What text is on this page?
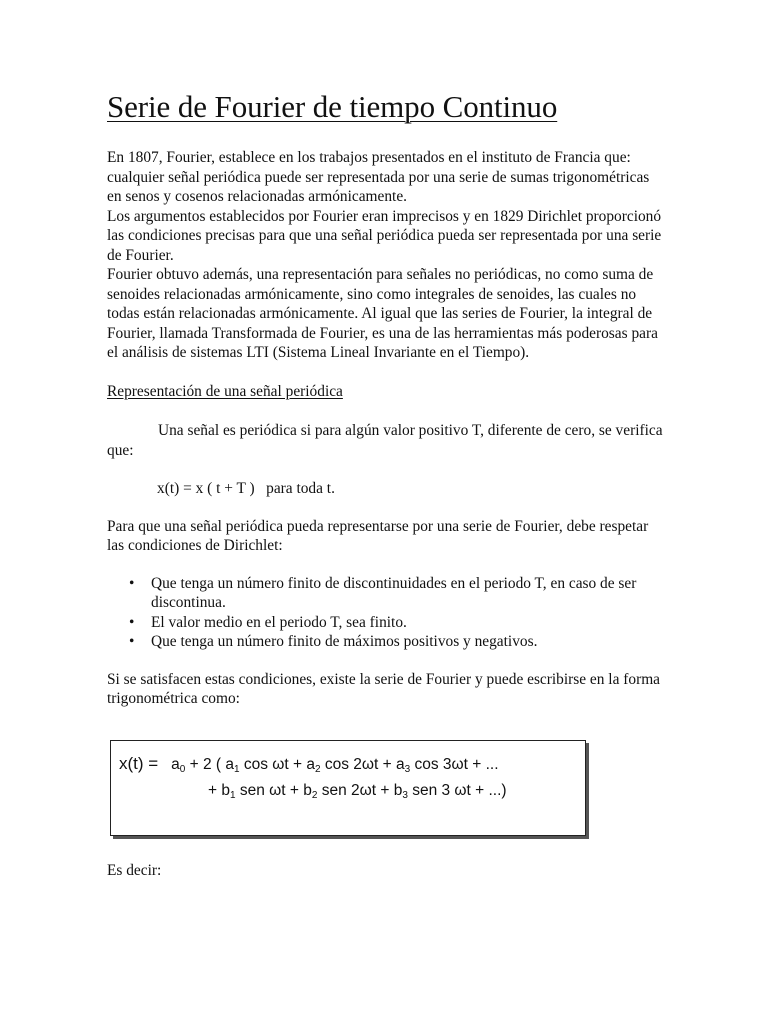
Serie de Fourier de tiempo Continuo

En 1807, Fourier, establece en los trabajos presentados en el instituto de Francia que: cualquier señal periódica puede ser representada por una serie de sumas trigonométricas en senos y cosenos relacionadas armónicamente.
Los argumentos establecidos por Fourier eran imprecisos y en 1829 Dirichlet proporcionó las condiciones precisas para que una señal periódica pueda ser representada por una serie de Fourier.
Fourier obtuvo además, una representación para señales no periódicas, no como suma de senoides relacionadas armónicamente, sino como integrales de senoides, las cuales no todas están relacionadas armónicamente. Al igual que las series de Fourier, la integral de Fourier, llamada Transformada de Fourier, es una de las herramientas más poderosas para el análisis de sistemas LTI (Sistema Lineal Invariante en el Tiempo).

Representación de una señal periódica

Una señal es periódica si para algún valor positivo T, diferente de cero, se verifica que:

x(t) = x ( t + T )   para toda t.

Para que una señal periódica pueda representarse por una serie de Fourier, debe respetar las condiciones de Dirichlet:

• Que tenga un número finito de discontinuidades en el periodo T, en caso de ser discontinua.
• El valor medio en el periodo T, sea finito.
• Que tenga un número finito de máximos positivos y negativos.

Si se satisfacen estas condiciones, existe la serie de Fourier y puede escribirse en la forma trigonométrica como:

$x(t) = a_0 + 2$ ( $a_1$ $\cos \omega t + a_2$ $\cos 2\omega t + a_3$ cos 3ωt + ...
+ $b_1$ sen $\omega t + b_2$ sen $2\omega t + b_3$ sen 3 ωt + ...)
Es decir:
